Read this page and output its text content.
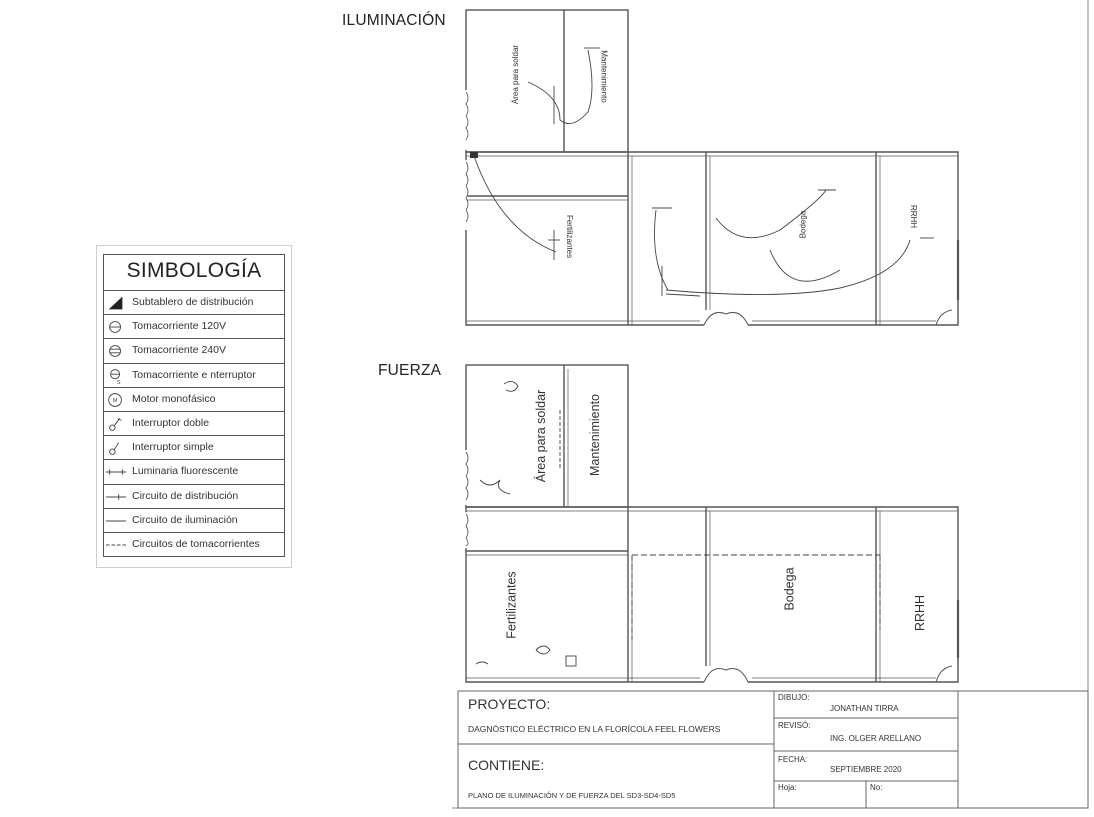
ILUMINACIÓN
FUERZA
Área para soldar	Mantenimiento
Fertilizantes	Bodega	RRHH
Área para soldar	Mantenimiento
Fertilizantes	Bodega
RRHH
SIMBOLOGÍA
Subtablero de distribución
Tomacorriente 120V
Tomacorriente 240V
S
Tomacorriente e nterruptor
M Motor monofásico
Interruptor doble
Interruptor simple
Luminaria fluorescente
Circuito de distribución
Circuito de iluminación
Circuitos de tomacorrientes
PROYECTO:
DAGNÓSTICO ELÉCTRICO EN LA FLORÍCOLA FEEL FLOWERS
CONTIENE:
PLANO DE ILUMINACIÓN Y DE FUERZA DEL SD3-SD4-SD5
DIBUJO:
JONATHAN TIRRA
REVISÓ:
ING. OLGER ARELLANO
FECHA:
SEPTIEMBRE 2020
Hoja:	No:
